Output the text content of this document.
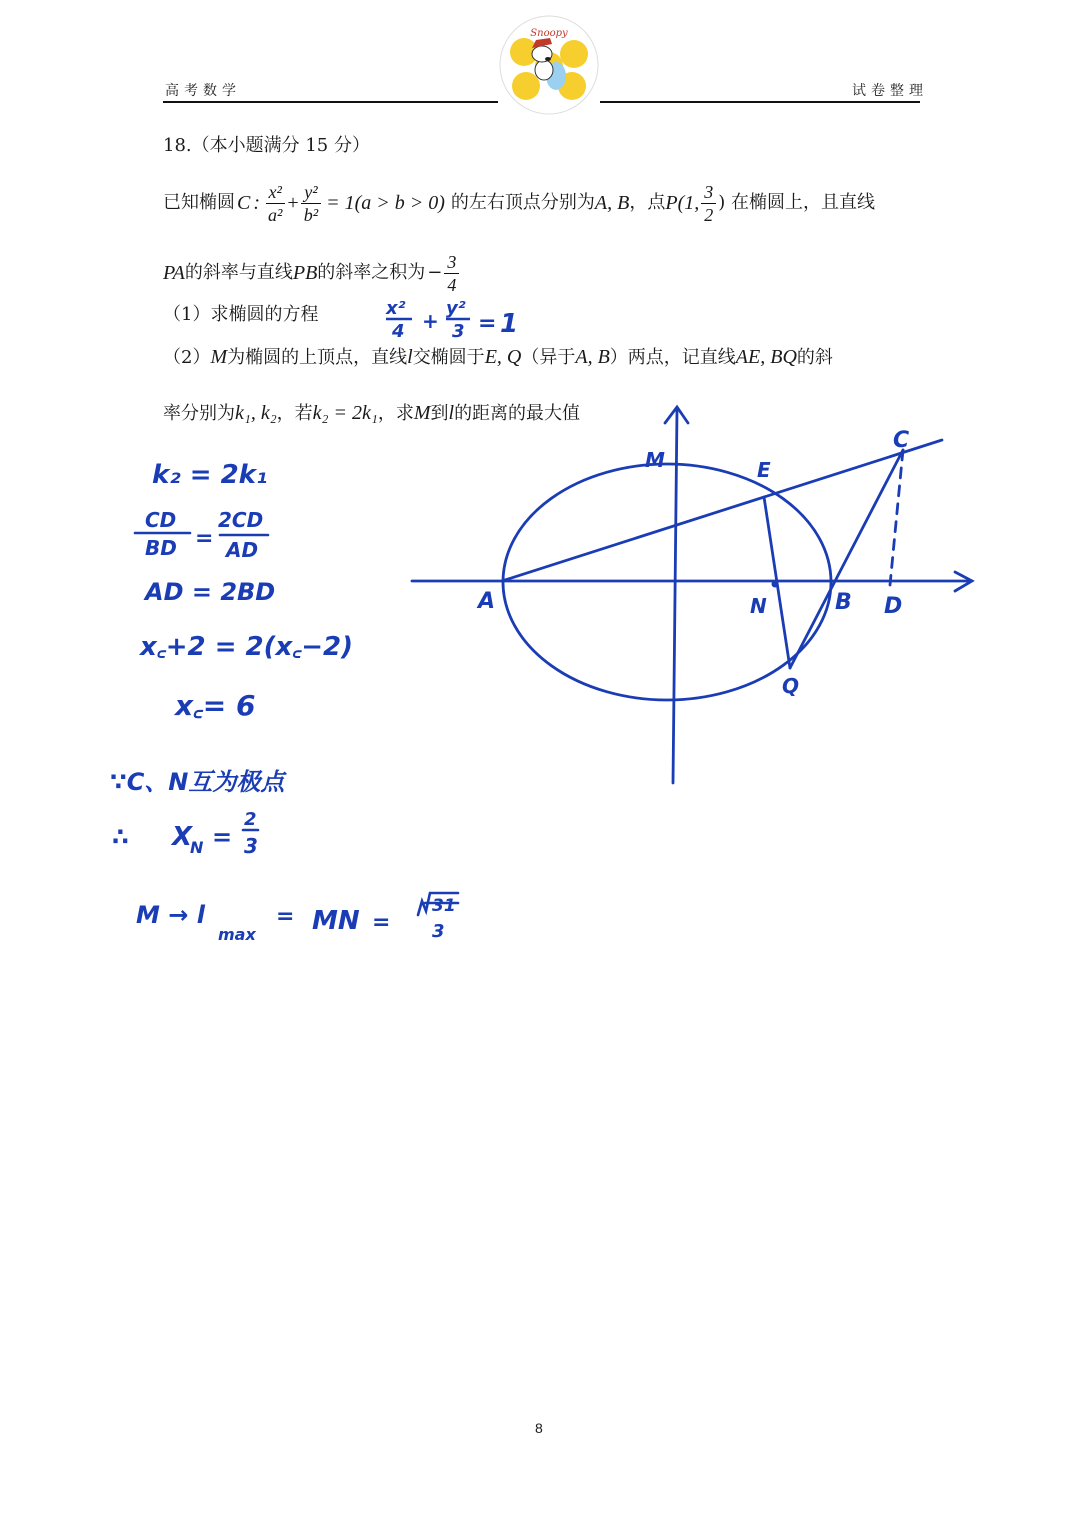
高考数学	试卷整理
Snoopy
18.（本小题满分 15 分）
已知椭圆 C : $\frac{\text{x²}}{\text{a²}} + \frac{\text{y²}}{\text{b²}} = 1(a > b > 0)$ 的左右顶点分别为 A, B ，点 P(1, $\frac{3}{2}$ ) 在椭圆上，且直线
PA 的斜率与直线 PB 的斜率之积为 − $\frac{3}{4}$
（1）求椭圆的方程
（2）M为椭圆的上顶点，直线l交椭圆于E, Q（异于A, B）两点，记直线AE, BQ的斜
率分别为k₁, k₂，若k₂ = 2k₁，求M到l的距离的最大值
x²
4 +
y²
3 = 1
x²/4 + y²/3 = 1
k₂ = 2k₁
CD
BD =
2CD
AD
AD = 2BD
x꜀+2 = 2(x꜀−2)
x꜀= 6
∵C、N互为极点
∴ X
N =
2
3
M → l
max
= MN =
31
3
M	E
C
A	N	B D
Q
8
